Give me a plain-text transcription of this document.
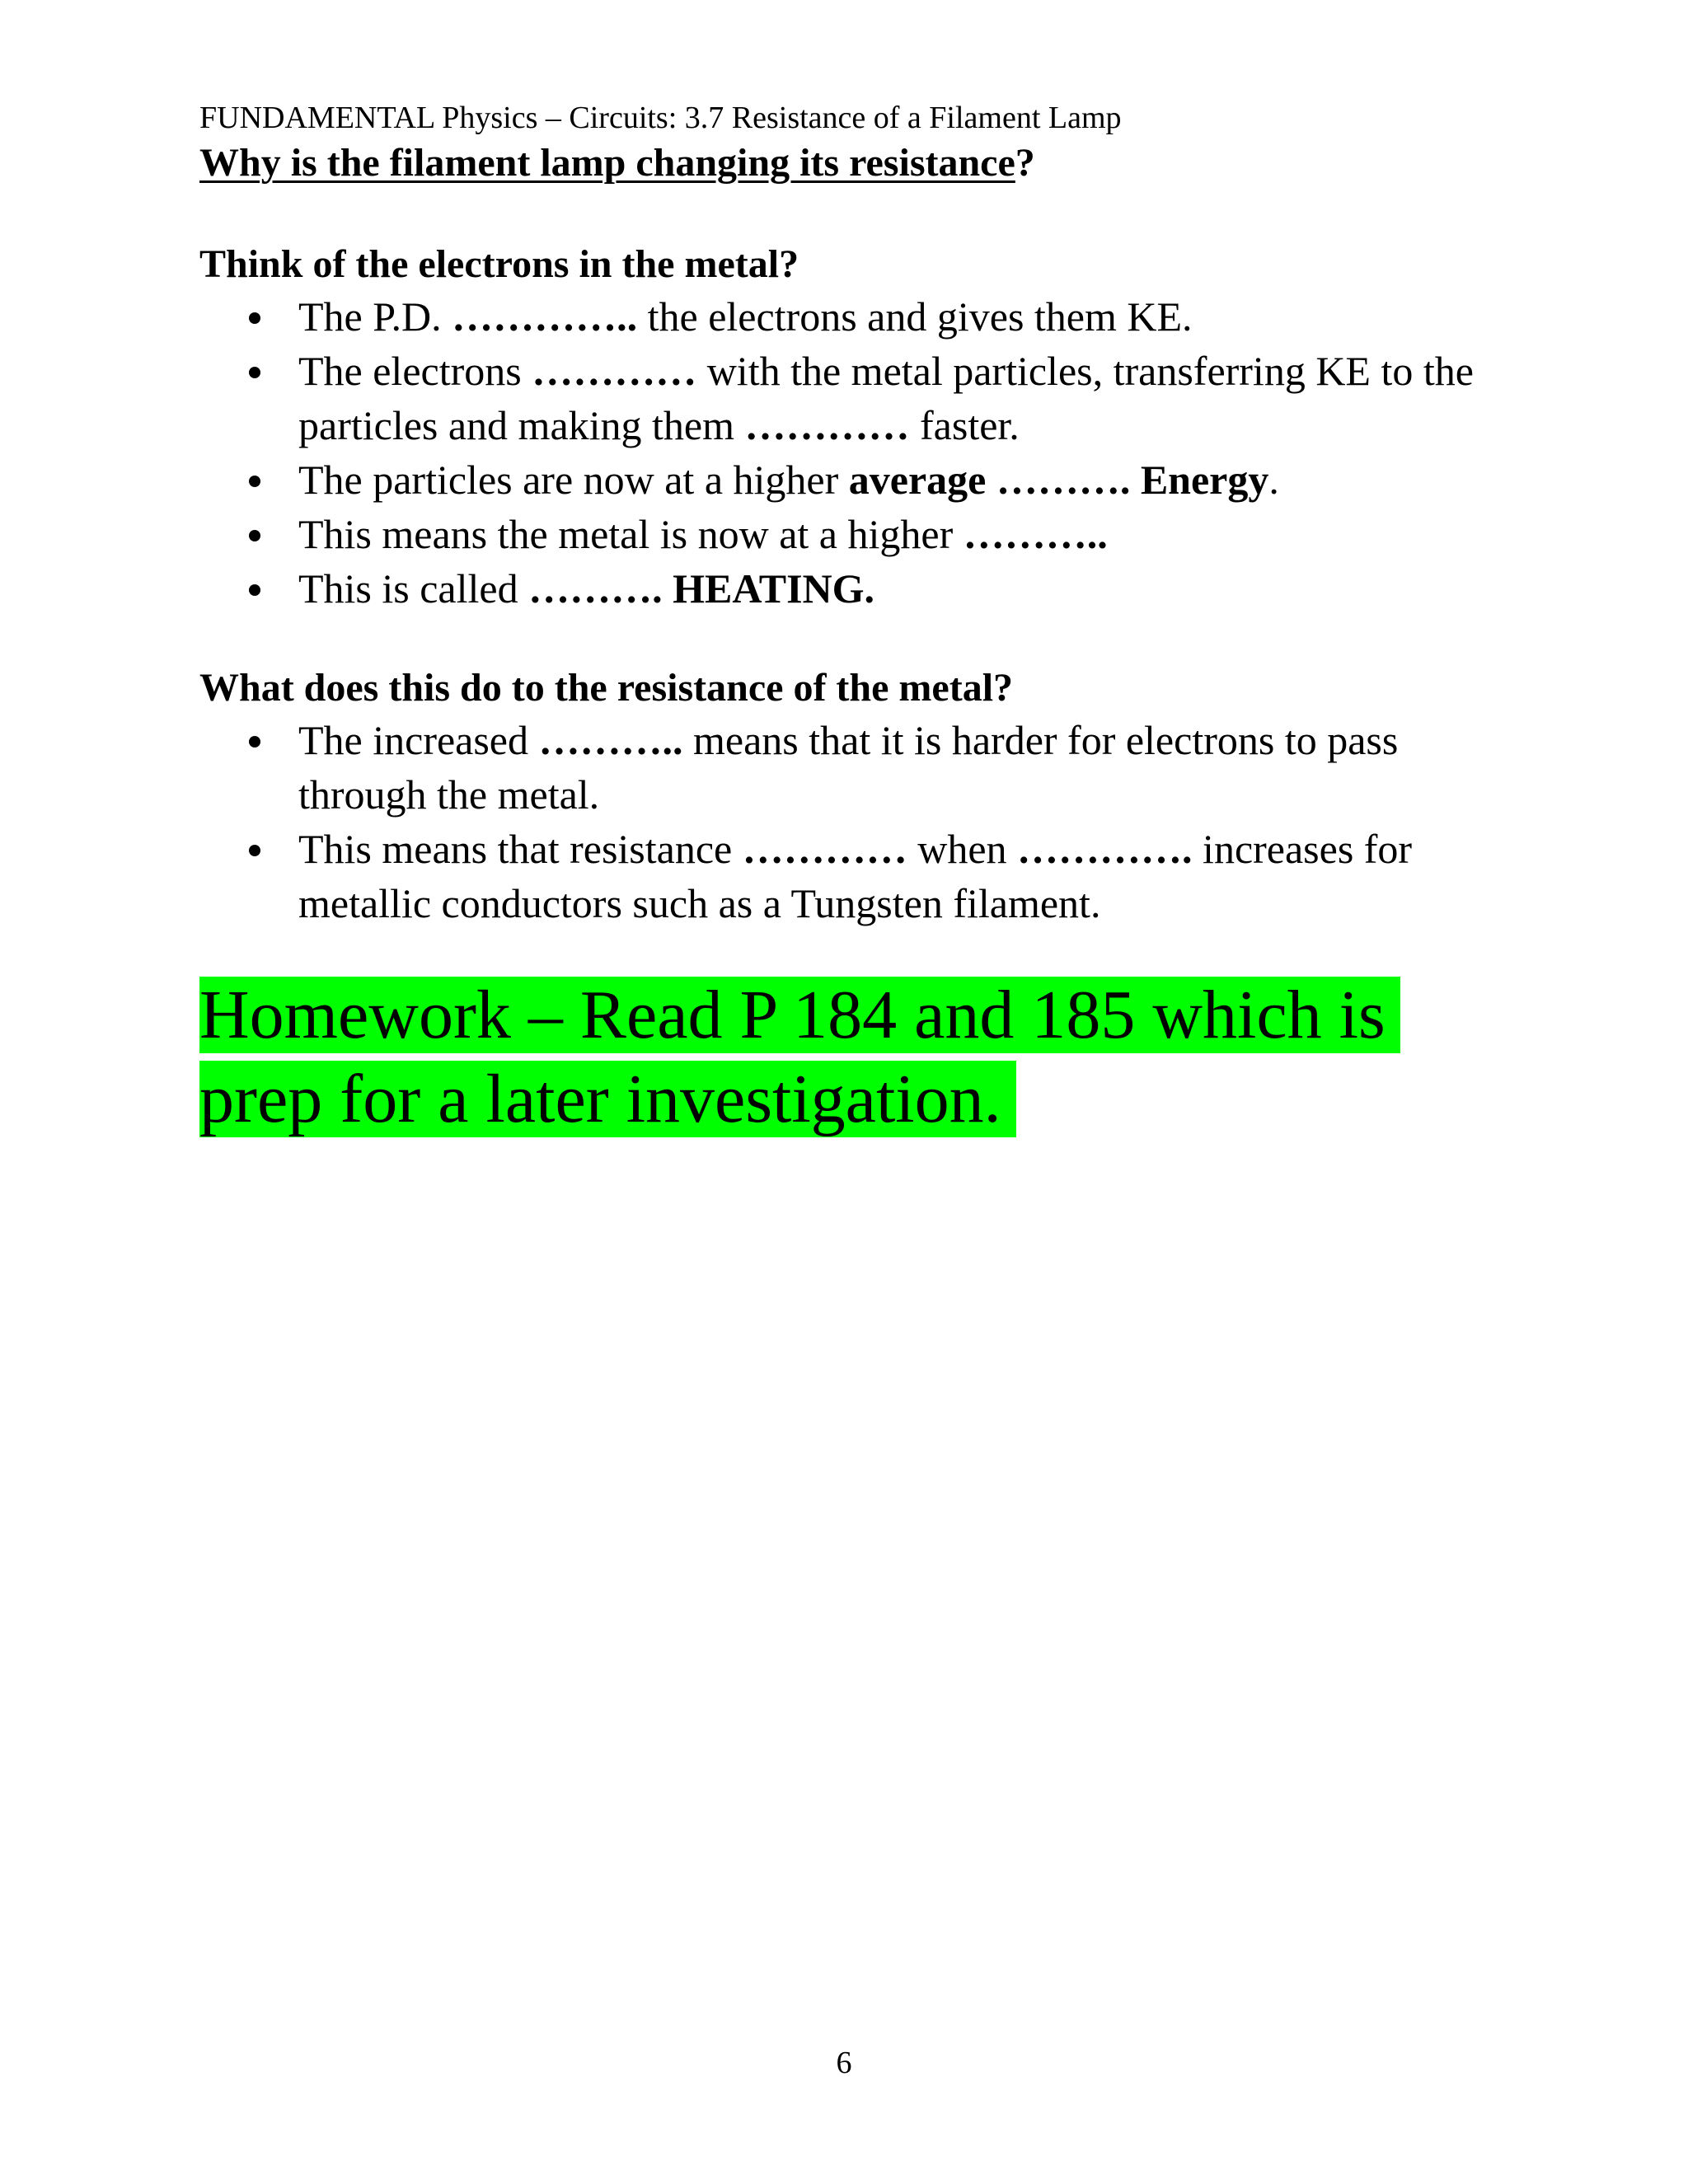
FUNDAMENTAL Physics – Circuits: 3.7 Resistance of a Filament Lamp

Why is the filament lamp changing its resistance?

Think of the electrons in the metal?

The P.D. ………….. the electrons and gives them KE.
The electrons ………… with the metal particles, transferring KE to the particles and making them ………… faster.
The particles are now at a higher average ………. Energy.
This means the metal is now at a higher ………..
This is called ………. HEATING.

What does this do to the resistance of the metal?

The increased ……….. means that it is harder for electrons to pass through the metal.
This means that resistance ………… when …………. increases for metallic conductors such as a Tungsten filament.

Homework – Read P 184 and 185 which is prep for a later investigation.

6
